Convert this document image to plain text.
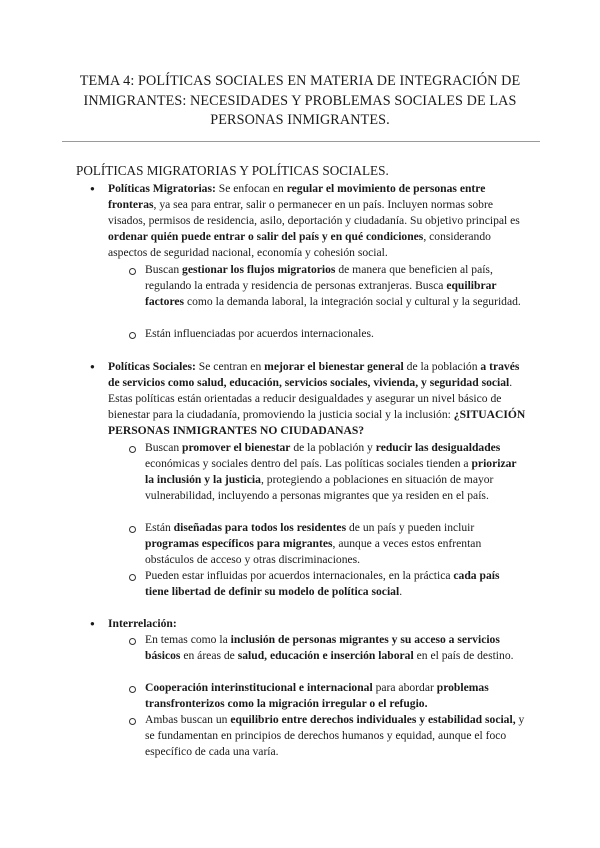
TEMA 4: POLÍTICAS SOCIALES EN MATERIA DE INTEGRACIÓN DE INMIGRANTES: NECESIDADES Y PROBLEMAS SOCIALES DE LAS PERSONAS INMIGRANTES.
POLÍTICAS MIGRATORIAS Y POLÍTICAS SOCIALES.
● Políticas Migratorias: Se enfocan en regular el movimiento de personas entre fronteras, ya sea para entrar, salir o permanecer en un país. Incluyen normas sobre visados, permisos de residencia, asilo, deportación y ciudadanía. Su objetivo principal es ordenar quién puede entrar o salir del país y en qué condiciones, considerando aspectos de seguridad nacional, economía y cohesión social.
Buscan gestionar los flujos migratorios de manera que beneficien al país, regulando la entrada y residencia de personas extranjeras. Busca equilibrar factores como la demanda laboral, la integración social y cultural y la seguridad.
Están influenciadas por acuerdos internacionales.
● Políticas Sociales: Se centran en mejorar el bienestar general de la población a través de servicios como salud, educación, servicios sociales, vivienda, y seguridad social. Estas políticas están orientadas a reducir desigualdades y asegurar un nivel básico de bienestar para la ciudadanía, promoviendo la justicia social y la inclusión: ¿SITUACIÓN PERSONAS INMIGRANTES NO CIUDADANAS?
Buscan promover el bienestar de la población y reducir las desigualdades económicas y sociales dentro del país. Las políticas sociales tienden a priorizar la inclusión y la justicia, protegiendo a poblaciones en situación de mayor vulnerabilidad, incluyendo a personas migrantes que ya residen en el país.
Están diseñadas para todos los residentes de un país y pueden incluir programas específicos para migrantes, aunque a veces estos enfrentan obstáculos de acceso y otras discriminaciones.
Pueden estar influidas por acuerdos internacionales, en la práctica cada país tiene libertad de definir su modelo de política social.
● Interrelación:
En temas como la inclusión de personas migrantes y su acceso a servicios básicos en áreas de salud, educación e inserción laboral en el país de destino.
Cooperación interinstitucional e internacional para abordar problemas transfronterizos como la migración irregular o el refugio.
Ambas buscan un equilibrio entre derechos individuales y estabilidad social, y se fundamentan en principios de derechos humanos y equidad, aunque el foco específico de cada una varía.
